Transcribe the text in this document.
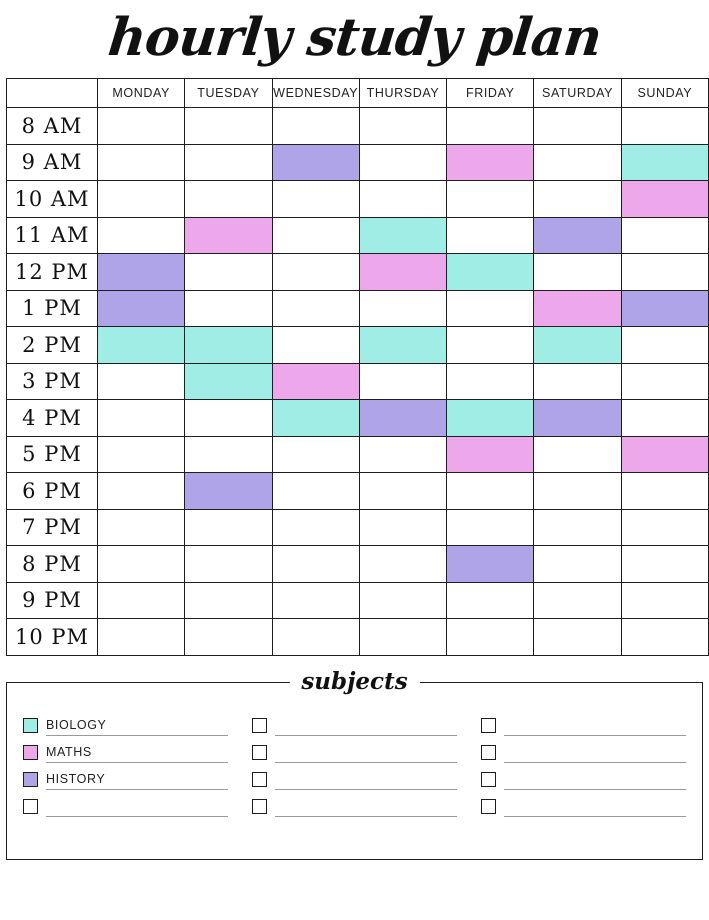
hourly study plan
	MONDAY	TUESDAY	WEDNESDAY	THURSDAY	FRIDAY	SATURDAY	SUNDAY
8 AM							
9 AM							
10 AM							
11 AM							
12 PM							
1 PM							
2 PM							
3 PM							
4 PM							
5 PM							
6 PM							
7 PM							
8 PM							
9 PM							
10 PM							
subjects
BIOLOGY
MATHS
HISTORY
